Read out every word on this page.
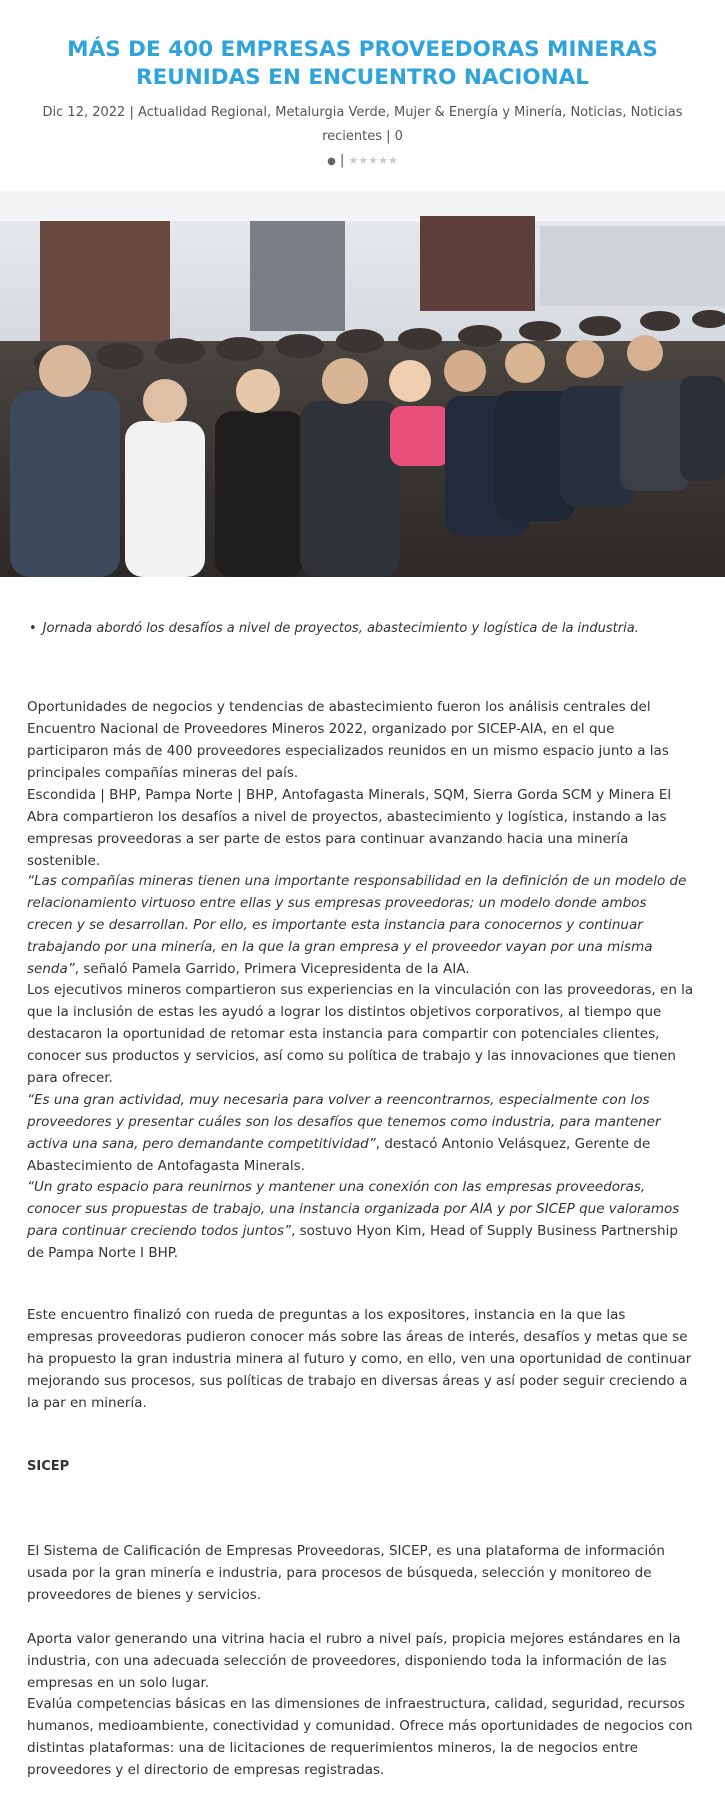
MÁS DE 400 EMPRESAS PROVEEDORAS MINERAS REUNIDAS EN ENCUENTRO NACIONAL
Dic 12, 2022 | Actualidad Regional, Metalurgia Verde, Mujer & Energía y Minería, Noticias, Noticias recientes | 0
● | ★★★★★
• Jornada abordó los desafíos a nivel de proyectos, abastecimiento y logística de la industria.

Oportunidades de negocios y tendencias de abastecimiento fueron los análisis centrales del Encuentro Nacional de Proveedores Mineros 2022, organizado por SICEP-AIA, en el que participaron más de 400 proveedores especializados reunidos en un mismo espacio junto a las principales compañías mineras del país.

Escondida | BHP, Pampa Norte | BHP, Antofagasta Minerals, SQM, Sierra Gorda SCM y Minera El Abra compartieron los desafíos a nivel de proyectos, abastecimiento y logística, instando a las empresas proveedoras a ser parte de estos para continuar avanzando hacia una minería sostenible.

“Las compañías mineras tienen una importante responsabilidad en la definición de un modelo de relacionamiento virtuoso entre ellas y sus empresas proveedoras; un modelo donde ambos crecen y se desarrollan. Por ello, es importante esta instancia para conocernos y continuar trabajando por una minería, en la que la gran empresa y el proveedor vayan por una misma senda”, señaló Pamela Garrido, Primera Vicepresidenta de la AIA.

Los ejecutivos mineros compartieron sus experiencias en la vinculación con las proveedoras, en la que la inclusión de estas les ayudó a lograr los distintos objetivos corporativos, al tiempo que destacaron la oportunidad de retomar esta instancia para compartir con potenciales clientes, conocer sus productos y servicios, así como su política de trabajo y las innovaciones que tienen para ofrecer.

“Es una gran actividad, muy necesaria para volver a reencontrarnos, especialmente con los proveedores y presentar cuáles son los desafíos que tenemos como industria, para mantener activa una sana, pero demandante competitividad”, destacó Antonio Velásquez, Gerente de Abastecimiento de Antofagasta Minerals.

“Un grato espacio para reunirnos y mantener una conexión con las empresas proveedoras, conocer sus propuestas de trabajo, una instancia organizada por AIA y por SICEP que valoramos para continuar creciendo todos juntos”, sostuvo Hyon Kim, Head of Supply Business Partnership de Pampa Norte I BHP.

Este encuentro finalizó con rueda de preguntas a los expositores, instancia en la que las empresas proveedoras pudieron conocer más sobre las áreas de interés, desafíos y metas que se ha propuesto la gran industria minera al futuro y como, en ello, ven una oportunidad de continuar mejorando sus procesos, sus políticas de trabajo en diversas áreas y así poder seguir creciendo a la par en minería.

SICEP

El Sistema de Calificación de Empresas Proveedoras, SICEP, es una plataforma de información usada por la gran minería e industria, para procesos de búsqueda, selección y monitoreo de proveedores de bienes y servicios.

Aporta valor generando una vitrina hacia el rubro a nivel país, propicia mejores estándares en la industria, con una adecuada selección de proveedores, disponiendo toda la información de las empresas en un solo lugar.

Evalúa competencias básicas en las dimensiones de infraestructura, calidad, seguridad, recursos humanos, medioambiente, conectividad y comunidad. Ofrece más oportunidades de negocios con distintas plataformas: una de licitaciones de requerimientos mineros, la de negocios entre proveedores y el directorio de empresas registradas.
